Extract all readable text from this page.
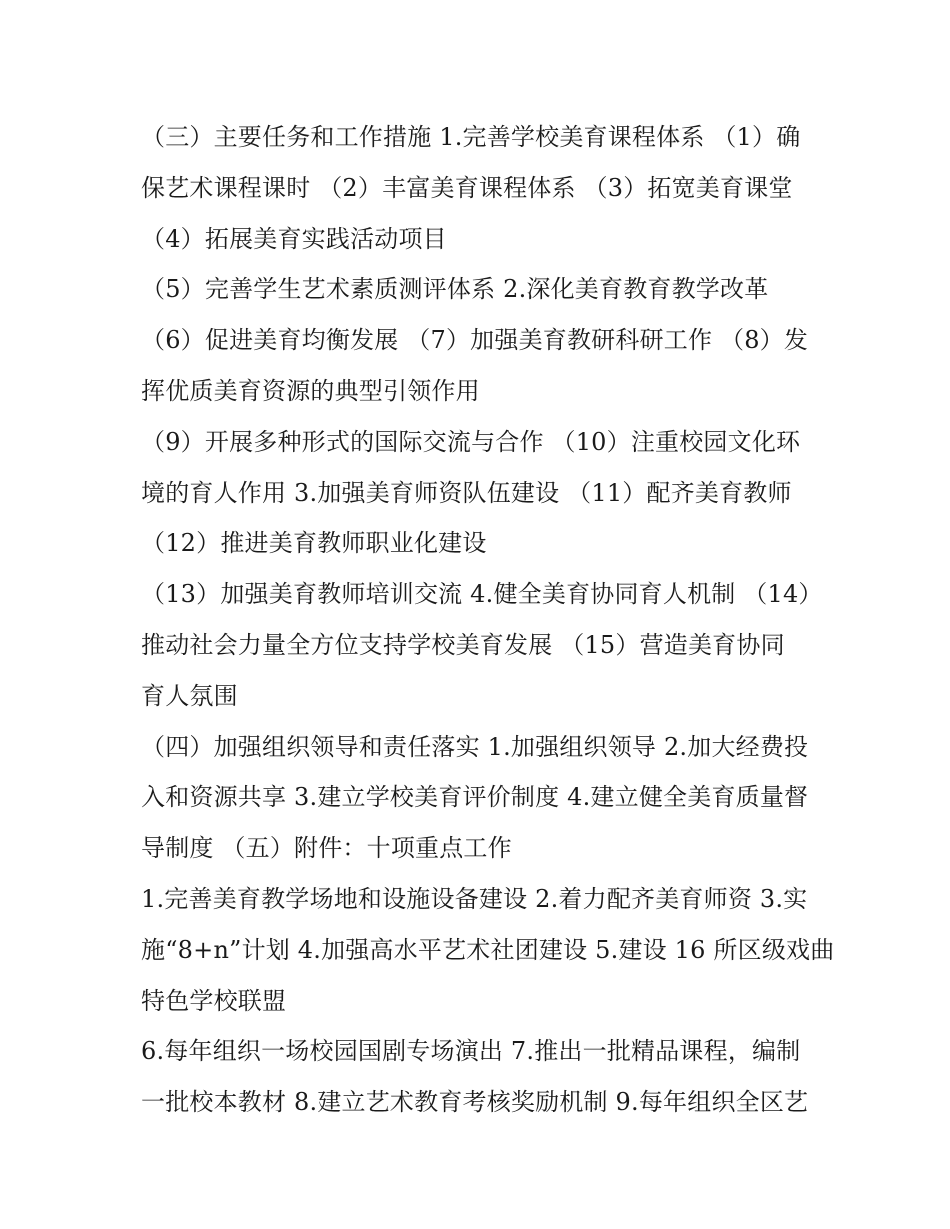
（三）主要任务和工作措施 1.完善学校美育课程体系 （1）确
保艺术课程课时 （2）丰富美育课程体系 （3）拓宽美育课堂
（4）拓展美育实践活动项目
（5）完善学生艺术素质测评体系 2.深化美育教育教学改革
（6）促进美育均衡发展 （7）加强美育教研科研工作 （8）发
挥优质美育资源的典型引领作用
（9）开展多种形式的国际交流与合作 （10）注重校园文化环
境的育人作用 3.加强美育师资队伍建设 （11）配齐美育教师
（12）推进美育教师职业化建设
（13）加强美育教师培训交流 4.健全美育协同育人机制 （14）
推动社会力量全方位支持学校美育发展 （15）营造美育协同
育人氛围
（四）加强组织领导和责任落实 1.加强组织领导 2.加大经费投
入和资源共享 3.建立学校美育评价制度 4.建立健全美育质量督
导制度 （五）附件：十项重点工作
1.完善美育教学场地和设施设备建设 2.着力配齐美育师资 3.实
施“8+n”计划 4.加强高水平艺术社团建设 5.建设 16 所区级戏曲
特色学校联盟
6.每年组织一场校园国剧专场演出 7.推出一批精品课程，编制
一批校本教材 8.建立艺术教育考核奖励机制 9.每年组织全区艺
